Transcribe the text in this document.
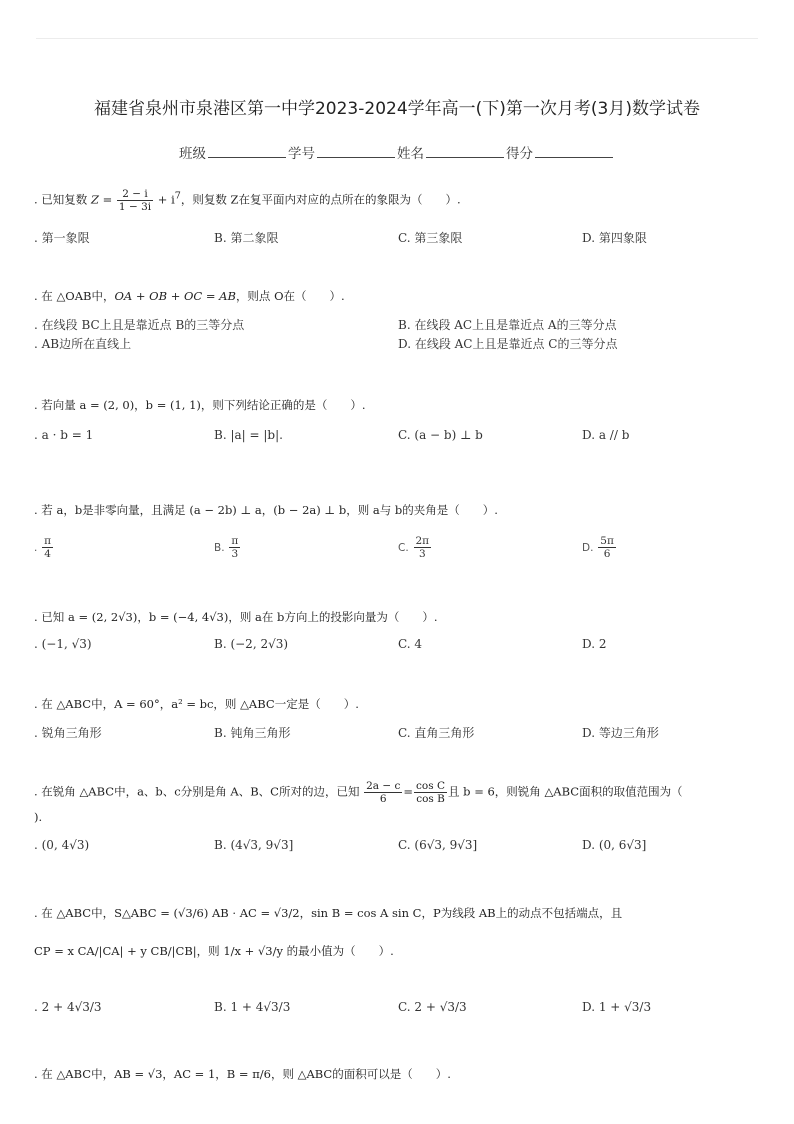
福建省泉州市泉港区第一中学2023-2024学年高一(下)第一次月考(3月)数学试卷
班级	学号	姓名	得分
. 已知复数 $Z = \frac{2 - i}{1 - 3i} + i^7$，则复数 Z在复平面内对应的点所在的象限为（　　）.
. 第一象限	B. 第二象限	C. 第三象限	D. 第四象限
. 在 △OAB中，OA + OB + OC = AB，则点 O在（　　）.
. 在线段 BC上且是靠近点 B的三等分点	B. 在线段 AC上且是靠近点 A的三等分点
. AB边所在直线上	D. 在线段 AC上且是靠近点 C的三等分点
. 若向量 a = (2, 0)，b = (1, 1)，则下列结论正确的是（　　）.
. a · b = 1	B. |a| = |b|.	C. (a − b) ⊥ b	D. a // b
. 若 a，b是非零向量，且满足 (a − 2b) ⊥ a，(b − 2a) ⊥ b，则 a与 b的夹角是（　　）.
. $\frac{\pi}{4}$	B. $\frac{\pi}{3}$	C. $\frac{2\pi}{3}$	D. $\frac{5\pi}{6}$
. 已知 a = (2, 2√3)，b = (−4, 4√3)，则 a在 b方向上的投影向量为（　　）.
. (−1, √3)	B. (−2, 2√3)	C. 4	D. 2
. 在 △ABC中，A = 60°，a² = bc，则 △ABC一定是（　　）.
. 锐角三角形	B. 钝角三角形	C. 直角三角形	D. 等边三角形
. 在锐角 △ABC中，a、b、c分别是角 A、B、C所对的边，已知 $\frac{2a - c}{6} = \frac{\text{cos C}}{\text{cos B}}$ 且 b = 6，则锐角 △ABC面积的取值范围为（
).
. (0, 4√3)	B. (4√3, 9√3]	C. (6√3, 9√3]	D. (0, 6√3]
. 在 △ABC中，S△ABC = (√3/6) AB · AC = √3/2，sin B = cos A sin C，P为线段 AB上的动点不包括端点，且
CP = x CA/|CA| + y CB/|CB|，则 1/x + √3/y 的最小值为（　　）.
. 2 + 4√3/3	B. 1 + 4√3/3	C. 2 + √3/3	D. 1 + √3/3
. 在 △ABC中，AB = √3，AC = 1，B = π/6，则 △ABC的面积可以是（　　）.
